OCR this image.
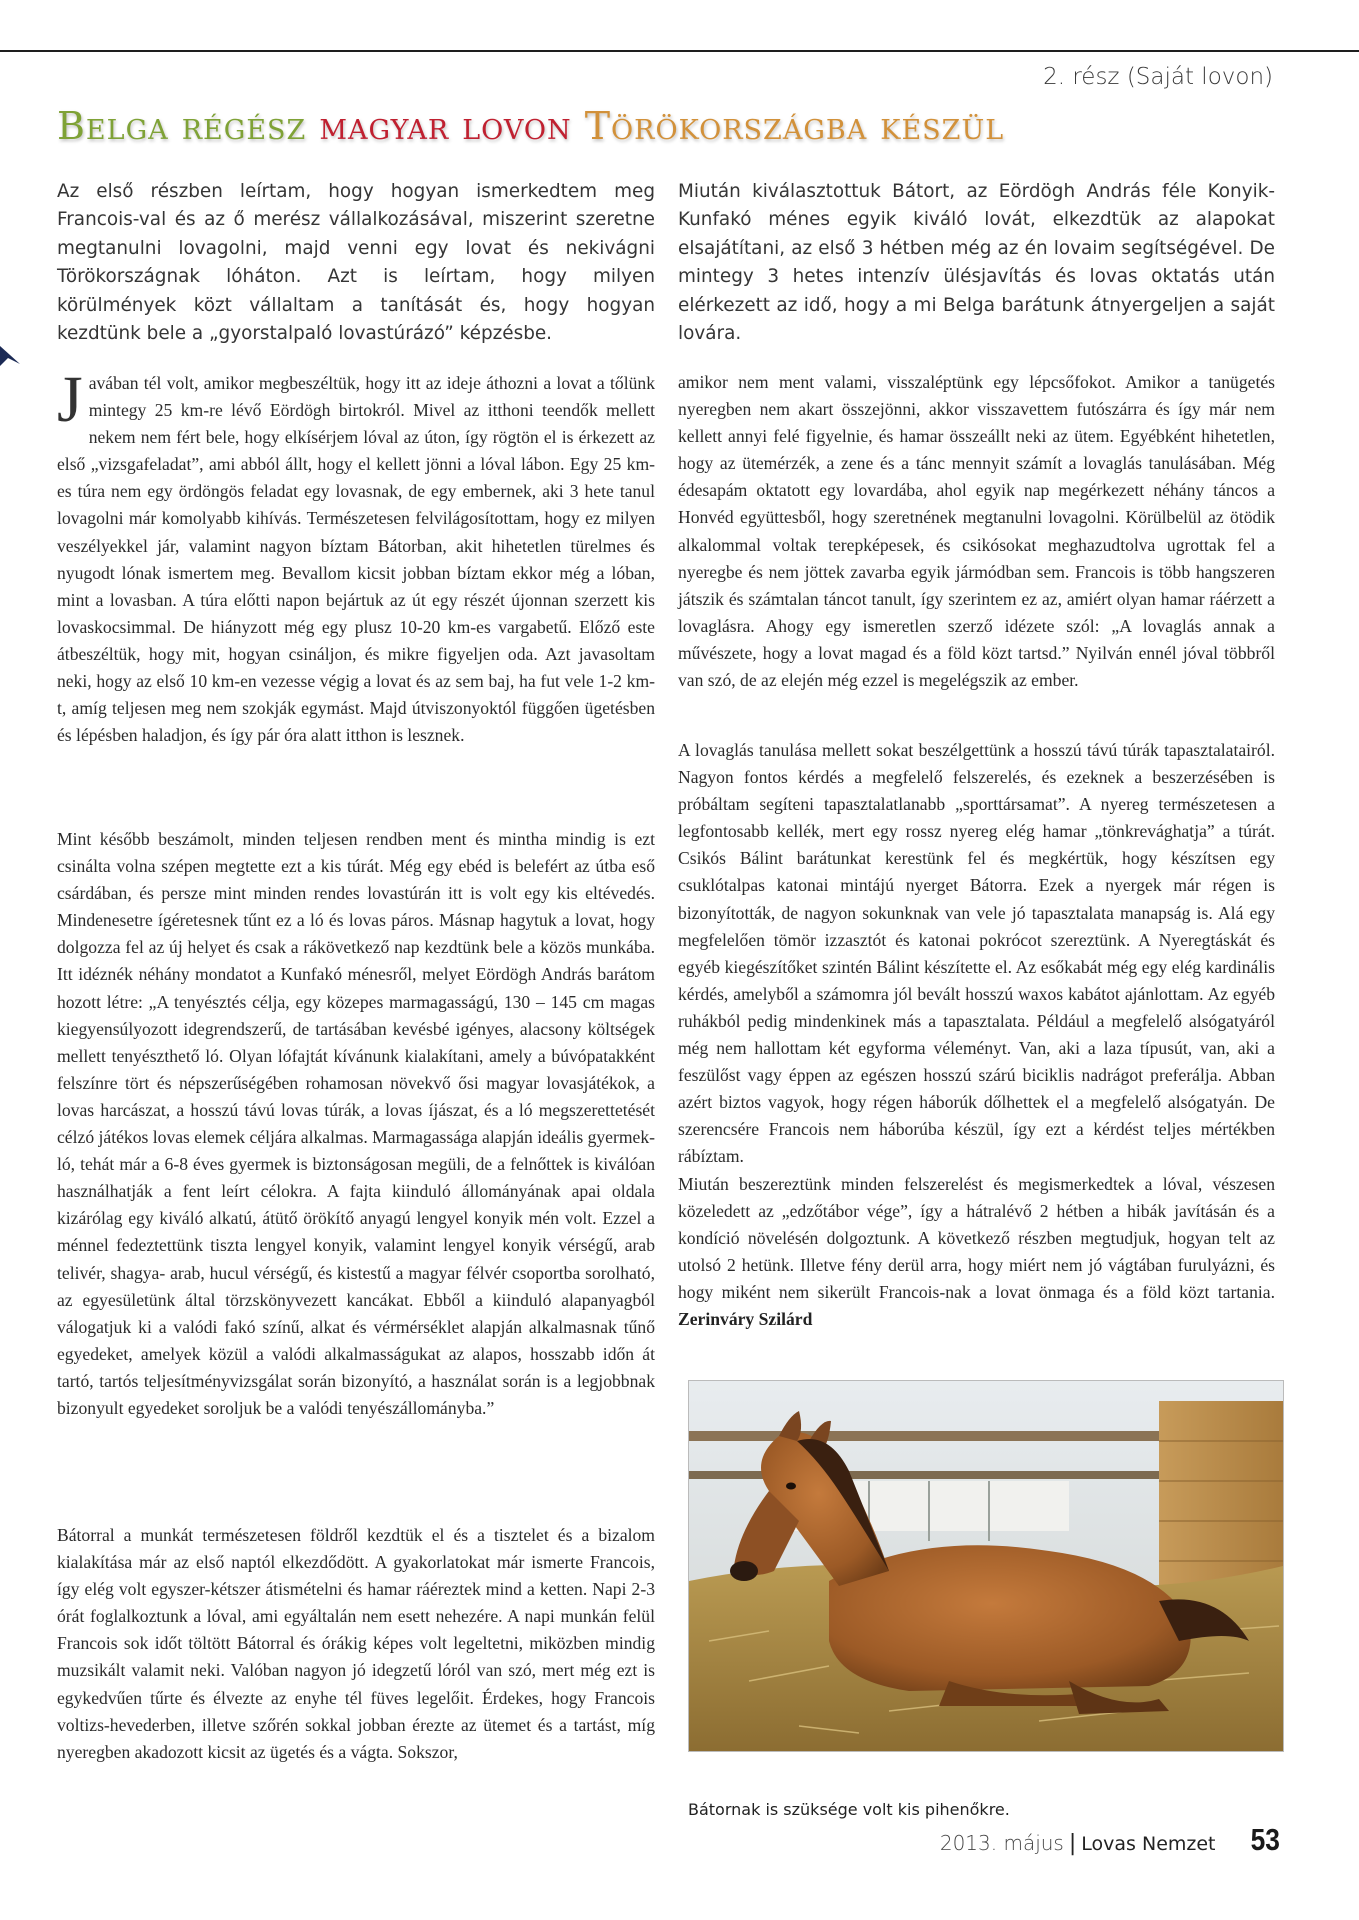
2. rész (Saját lovon)
Belga régész magyar lovon Törökországba készül

Az első részben leírtam, hogy hogyan ismerkedtem meg Francois-val és az ő merész vállalkozásával, miszerint szeretne megtanulni lovagolni, majd venni egy lovat és nekivágni Törökországnak lóháton. Azt is leírtam, hogy milyen körülmények közt vállaltam a tanítását és, hogy hogyan kezdtünk bele a „gyorstalpaló lovastúrázó” képzésbe.

Miután kiválasztottuk Bátort, az Eördögh András féle Konyik-Kunfakó ménes egyik kiváló lovát, elkezdtük az alapokat elsajátítani, az első 3 hétben még az én lovaim segítségével. De mintegy 3 hetes intenzív ülésjavítás és lovas oktatás után elérkezett az idő, hogy a mi Belga barátunk átnyergeljen a saját lovára.

Javában tél volt, amikor megbeszéltük, hogy itt az ideje áthozni a lovat a tőlünk mintegy 25 km-re lévő Eördögh birtokról. Mivel az itthoni teendők mellett nekem nem fért bele, hogy elkísérjem lóval az úton, így rögtön el is érkezett az első „vizsgafeladat”, ami abból állt, hogy el kellett jönni a lóval lábon. Egy 25 km-es túra nem egy ördöngös feladat egy lovasnak, de egy embernek, aki 3 hete tanul lovagolni már komolyabb kihívás. Természetesen felvilágosítottam, hogy ez milyen veszélyekkel jár, valamint nagyon bíztam Bátorban, akit hihetetlen türelmes és nyugodt lónak ismertem meg. Bevallom kicsit jobban bíztam ekkor még a lóban, mint a lovasban. A túra előtti napon bejártuk az út egy részét újonnan szerzett kis lovaskocsimmal. De hiányzott még egy plusz 10-20 km-es vargabetű. Előző este átbeszéltük, hogy mit, hogyan csináljon, és mikre figyeljen oda. Azt javasoltam neki, hogy az első 10 km-en vezesse végig a lovat és az sem baj, ha fut vele 1-2 km-t, amíg teljesen meg nem szokják egymást. Majd útviszonyoktól függően ügetésben és lépésben haladjon, és így pár óra alatt itthon is lesznek.

Mint később beszámolt, minden teljesen rendben ment és mintha mindig is ezt csinálta volna szépen megtette ezt a kis túrát. Még egy ebéd is belefért az útba eső csárdában, és persze mint minden rendes lovastúrán itt is volt egy kis eltévedés. Mindenesetre ígéretesnek tűnt ez a ló és lovas páros. Másnap hagytuk a lovat, hogy dolgozza fel az új helyet és csak a rákövetkező nap kezdtünk bele a közös munkába. Itt idéznék néhány mondatot a Kunfakó ménesről, melyet Eördögh András barátom hozott létre: „A tenyésztés célja, egy közepes marmagasságú, 130 – 145 cm magas kiegyensúlyozott idegrendszerű, de tartásában kevésbé igényes, alacsony költségek mellett tenyészthető ló. Olyan lófajtát kívánunk kialakítani, amely a búvópatakként felszínre tört és népszerűségében rohamosan növekvő ősi magyar lovasjátékok, a lovas harcászat, a hosszú távú lovas túrák, a lovas íjászat, és a ló megszerettetését célzó játékos lovas elemek céljára alkalmas. Marmagassága alapján ideális gyermek-ló, tehát már a 6-8 éves gyermek is biztonságosan megüli, de a felnőttek is kiválóan használhatják a fent leírt célokra. A fajta kiinduló állományának apai oldala kizárólag egy kiváló alkatú, átütő örökítő anyagú lengyel konyik mén volt. Ezzel a ménnel fedeztettünk tiszta lengyel konyik, valamint lengyel konyik vérségű, arab telivér, shagya- arab, hucul vérségű, és kistestű a magyar félvér csoportba sorolható, az egyesületünk által törzskönyvezett kancákat. Ebből a kiinduló alapanyagból válogatjuk ki a valódi fakó színű, alkat és vérmérséklet alapján alkalmasnak tűnő egyedeket, amelyek közül a valódi alkalmasságukat az alapos, hosszabb időn át tartó, tartós teljesítményvizsgálat során bizonyító, a használat során is a legjobbnak bizonyult egyedeket soroljuk be a valódi tenyészállományba.”

Bátorral a munkát természetesen földről kezdtük el és a tisztelet és a bizalom kialakítása már az első naptól elkezdődött. A gyakorlatokat már ismerte Francois, így elég volt egyszer-kétszer átismételni és hamar ráéreztek mind a ketten. Napi 2-3 órát foglalkoztunk a lóval, ami egyáltalán nem esett nehezére. A napi munkán felül Francois sok időt töltött Bátorral és órákig képes volt legeltetni, miközben mindig muzsikált valamit neki. Valóban nagyon jó idegzetű lóról van szó, mert még ezt is egykedvűen tűrte és élvezte az enyhe tél füves legelőit. Érdekes, hogy Francois voltizs-hevederben, illetve szőrén sokkal jobban érezte az ütemet és a tartást, míg nyeregben akadozott kicsit az ügetés és a vágta. Sokszor,

amikor nem ment valami, visszaléptünk egy lépcsőfokot. Amikor a tanügetés nyeregben nem akart összejönni, akkor visszavettem futószárra és így már nem kellett annyi felé figyelnie, és hamar összeállt neki az ütem. Egyébként hihetetlen, hogy az ütemérzék, a zene és a tánc mennyit számít a lovaglás tanulásában. Még édesapám oktatott egy lovardába, ahol egyik nap megérkezett néhány táncos a Honvéd együttesből, hogy szeretnének megtanulni lovagolni. Körülbelül az ötödik alkalommal voltak terepképesek, és csikósokat meghazudtolva ugrottak fel a nyeregbe és nem jöttek zavarba egyik jármódban sem. Francois is több hangszeren játszik és számtalan táncot tanult, így szerintem ez az, amiért olyan hamar ráérzett a lovaglásra. Ahogy egy ismeretlen szerző idézete szól: „A lovaglás annak a művészete, hogy a lovat magad és a föld közt tartsd.” Nyilván ennél jóval többről van szó, de az elején még ezzel is megelégszik az ember.

A lovaglás tanulása mellett sokat beszélgettünk a hosszú távú túrák tapasztalatairól. Nagyon fontos kérdés a megfelelő felszerelés, és ezeknek a beszerzésében is próbáltam segíteni tapasztalatlanabb „sporttársamat”. A nyereg természetesen a legfontosabb kellék, mert egy rossz nyereg elég hamar „tönkrevághatja” a túrát. Csikós Bálint barátunkat kerestünk fel és megkértük, hogy készítsen egy csuklótalpas katonai mintájú nyerget Bátorra. Ezek a nyergek már régen is bizonyították, de nagyon sokunknak van vele jó tapasztalata manapság is. Alá egy megfelelően tömör izzasztót és katonai pokrócot szereztünk. A Nyeregtáskát és egyéb kiegészítőket szintén Bálint készítette el. Az esőkabát még egy elég kardinális kérdés, amelyből a számomra jól bevált hosszú waxos kabátot ajánlottam. Az egyéb ruhákból pedig mindenkinek más a tapasztalata. Például a megfelelő alsógatyáról még nem hallottam két egyforma véleményt. Van, aki a laza típusút, van, aki a feszülőst vagy éppen az egészen hosszú szárú biciklis nadrágot preferálja. Abban azért biztos vagyok, hogy régen háborúk dőlhettek el a megfelelő alsógatyán. De szerencsére Francois nem háborúba készül, így ezt a kérdést teljes mértékben rábíztam.

Miután beszereztünk minden felszerelést és megismerkedtek a lóval, vészesen közeledett az „edzőtábor vége”, így a hátralévő 2 hétben a hibák javításán és a kondíció növelésén dolgoztunk. A következő részben megtudjuk, hogyan telt az utolsó 2 hetünk. Illetve fény derül arra, hogy miért nem jó vágtában furulyázni, és hogy miként nem sikerült Francois-nak a lovat önmaga és a föld közt tartania. Zerinváry Szilárd

Bátornak is szüksége volt kis pihenőkre.
2013. május | Lovas Nemzet 53
